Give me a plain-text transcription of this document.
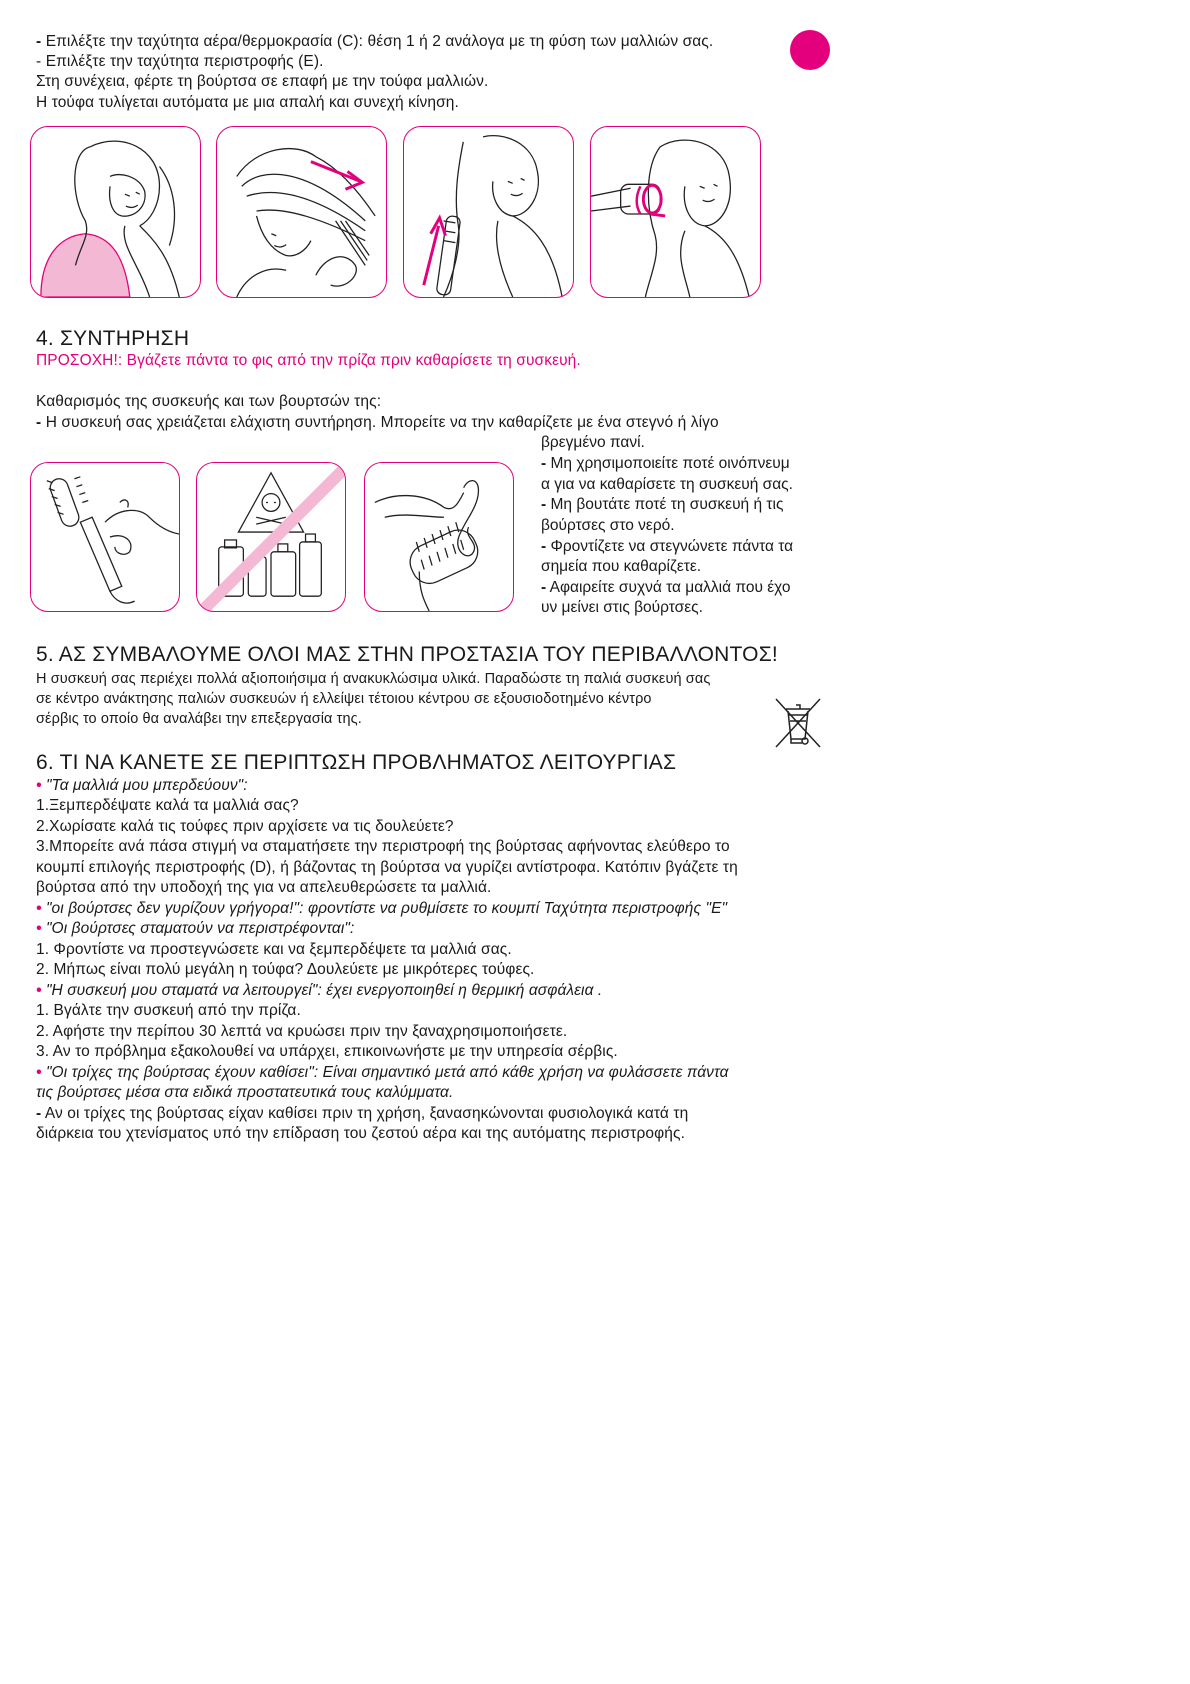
- Επιλέξτε την ταχύτητα αέρα/θερμοκρασία (C): θέση 1 ή 2 ανάλογα με τη φύση των μαλλιών σας.
- Επιλέξτε την ταχύτητα περιστροφής (E).
Στη συνέχεια, φέρτε τη βούρτσα σε επαφή με την τούφα μαλλιών.
Η τούφα τυλίγεται αυτόματα με μια απαλή και συνεχή κίνηση.
4. ΣΥΝΤΗΡΗΣΗ
ΠΡΟΣΟΧΗ!: Βγάζετε πάντα το φις από την πρίζα πριν καθαρίσετε τη συσκευή.
Καθαρισμός της συσκευής και των βουρτσών της:
- Η συσκευή σας χρειάζεται ελάχιστη συντήρηση. Μπορείτε να την καθαρίζετε με ένα στεγνό ή λίγο
βρεγμένο πανί.
- Μη χρησιμοποιείτε ποτέ οινόπνευμ
α για να καθαρίσετε τη συσκευή σας.
- Μη βουτάτε ποτέ τη συσκευή ή τις
βούρτσες στο νερό.
- Φροντίζετε να στεγνώνετε πάντα τα
σημεία που καθαρίζετε.
- Αφαιρείτε συχνά τα μαλλιά που έχο
υν μείνει στις βούρτσες.
5. ΑΣ ΣΥΜΒΑΛΟΥΜΕ ΟΛΟΙ ΜΑΣ ΣΤΗΝ ΠΡΟΣΤΑΣΙΑ ΤΟΥ ΠΕΡΙΒΑΛΛΟΝΤΟΣ!
Η συσκευή σας περιέχει πολλά αξιοποιήσιμα ή ανακυκλώσιμα υλικά. Παραδώστε τη παλιά συσκευή σας
σε κέντρο ανάκτησης παλιών συσκευών ή ελλείψει τέτοιου κέντρου σε εξουσιοδοτημένο κέντρο
σέρβις το οποίο θα αναλάβει την επεξεργασία της.
6. ΤΙ ΝΑ ΚΑΝΕΤΕ ΣΕ ΠΕΡΙΠΤΩΣΗ ΠΡΟΒΛΗΜΑΤΟΣ ΛΕΙΤΟΥΡΓΙΑΣ
• "Τα μαλλιά μου μπερδεύουν":
1.Ξεμπερδέψατε καλά τα μαλλιά σας?
2.Χωρίσατε καλά τις τούφες πριν αρχίσετε να τις δουλεύετε?
3.Μπορείτε ανά πάσα στιγμή να σταματήσετε την περιστροφή της βούρτσας αφήνοντας ελεύθερο το
κουμπί επιλογής περιστροφής (D), ή βάζοντας τη βούρτσα να γυρίζει αντίστροφα. Κατόπιν βγάζετε τη
βούρτσα από την υποδοχή της για να απελευθερώσετε τα μαλλιά.
• "οι βούρτσες δεν γυρίζουν γρήγορα!": φροντίστε να ρυθμίσετε το κουμπί Ταχύτητα περιστροφής "E"
• "Οι βούρτσες σταματούν να περιστρέφονται":
1. Φροντίστε να προστεγνώσετε και να ξεμπερδέψετε τα μαλλιά σας.
2. Μήπως είναι πολύ μεγάλη η τούφα? Δουλεύετε με μικρότερες τούφες.
• "Η συσκευή μου σταματά να λειτουργεί": έχει ενεργοποιηθεί η θερμική ασφάλεια .
1. Βγάλτε την συσκευή από την πρίζα.
2. Αφήστε την περίπου 30 λεπτά να κρυώσει πριν την ξαναχρησιμοποιήσετε.
3. Αν το πρόβλημα εξακολουθεί να υπάρχει, επικοινωνήστε με την υπηρεσία σέρβις.
• "Οι τρίχες της βούρτσας έχουν καθίσει": Είναι σημαντικό μετά από κάθε χρήση να φυλάσσετε πάντα
τις βούρτσες μέσα στα ειδικά προστατευτικά τους καλύμματα.
- Αν οι τρίχες της βούρτσας είχαν καθίσει πριν τη χρήση, ξανασηκώνονται φυσιολογικά κατά τη
διάρκεια του χτενίσματος υπό την επίδραση του ζεστού αέρα και της αυτόματης περιστροφής.
